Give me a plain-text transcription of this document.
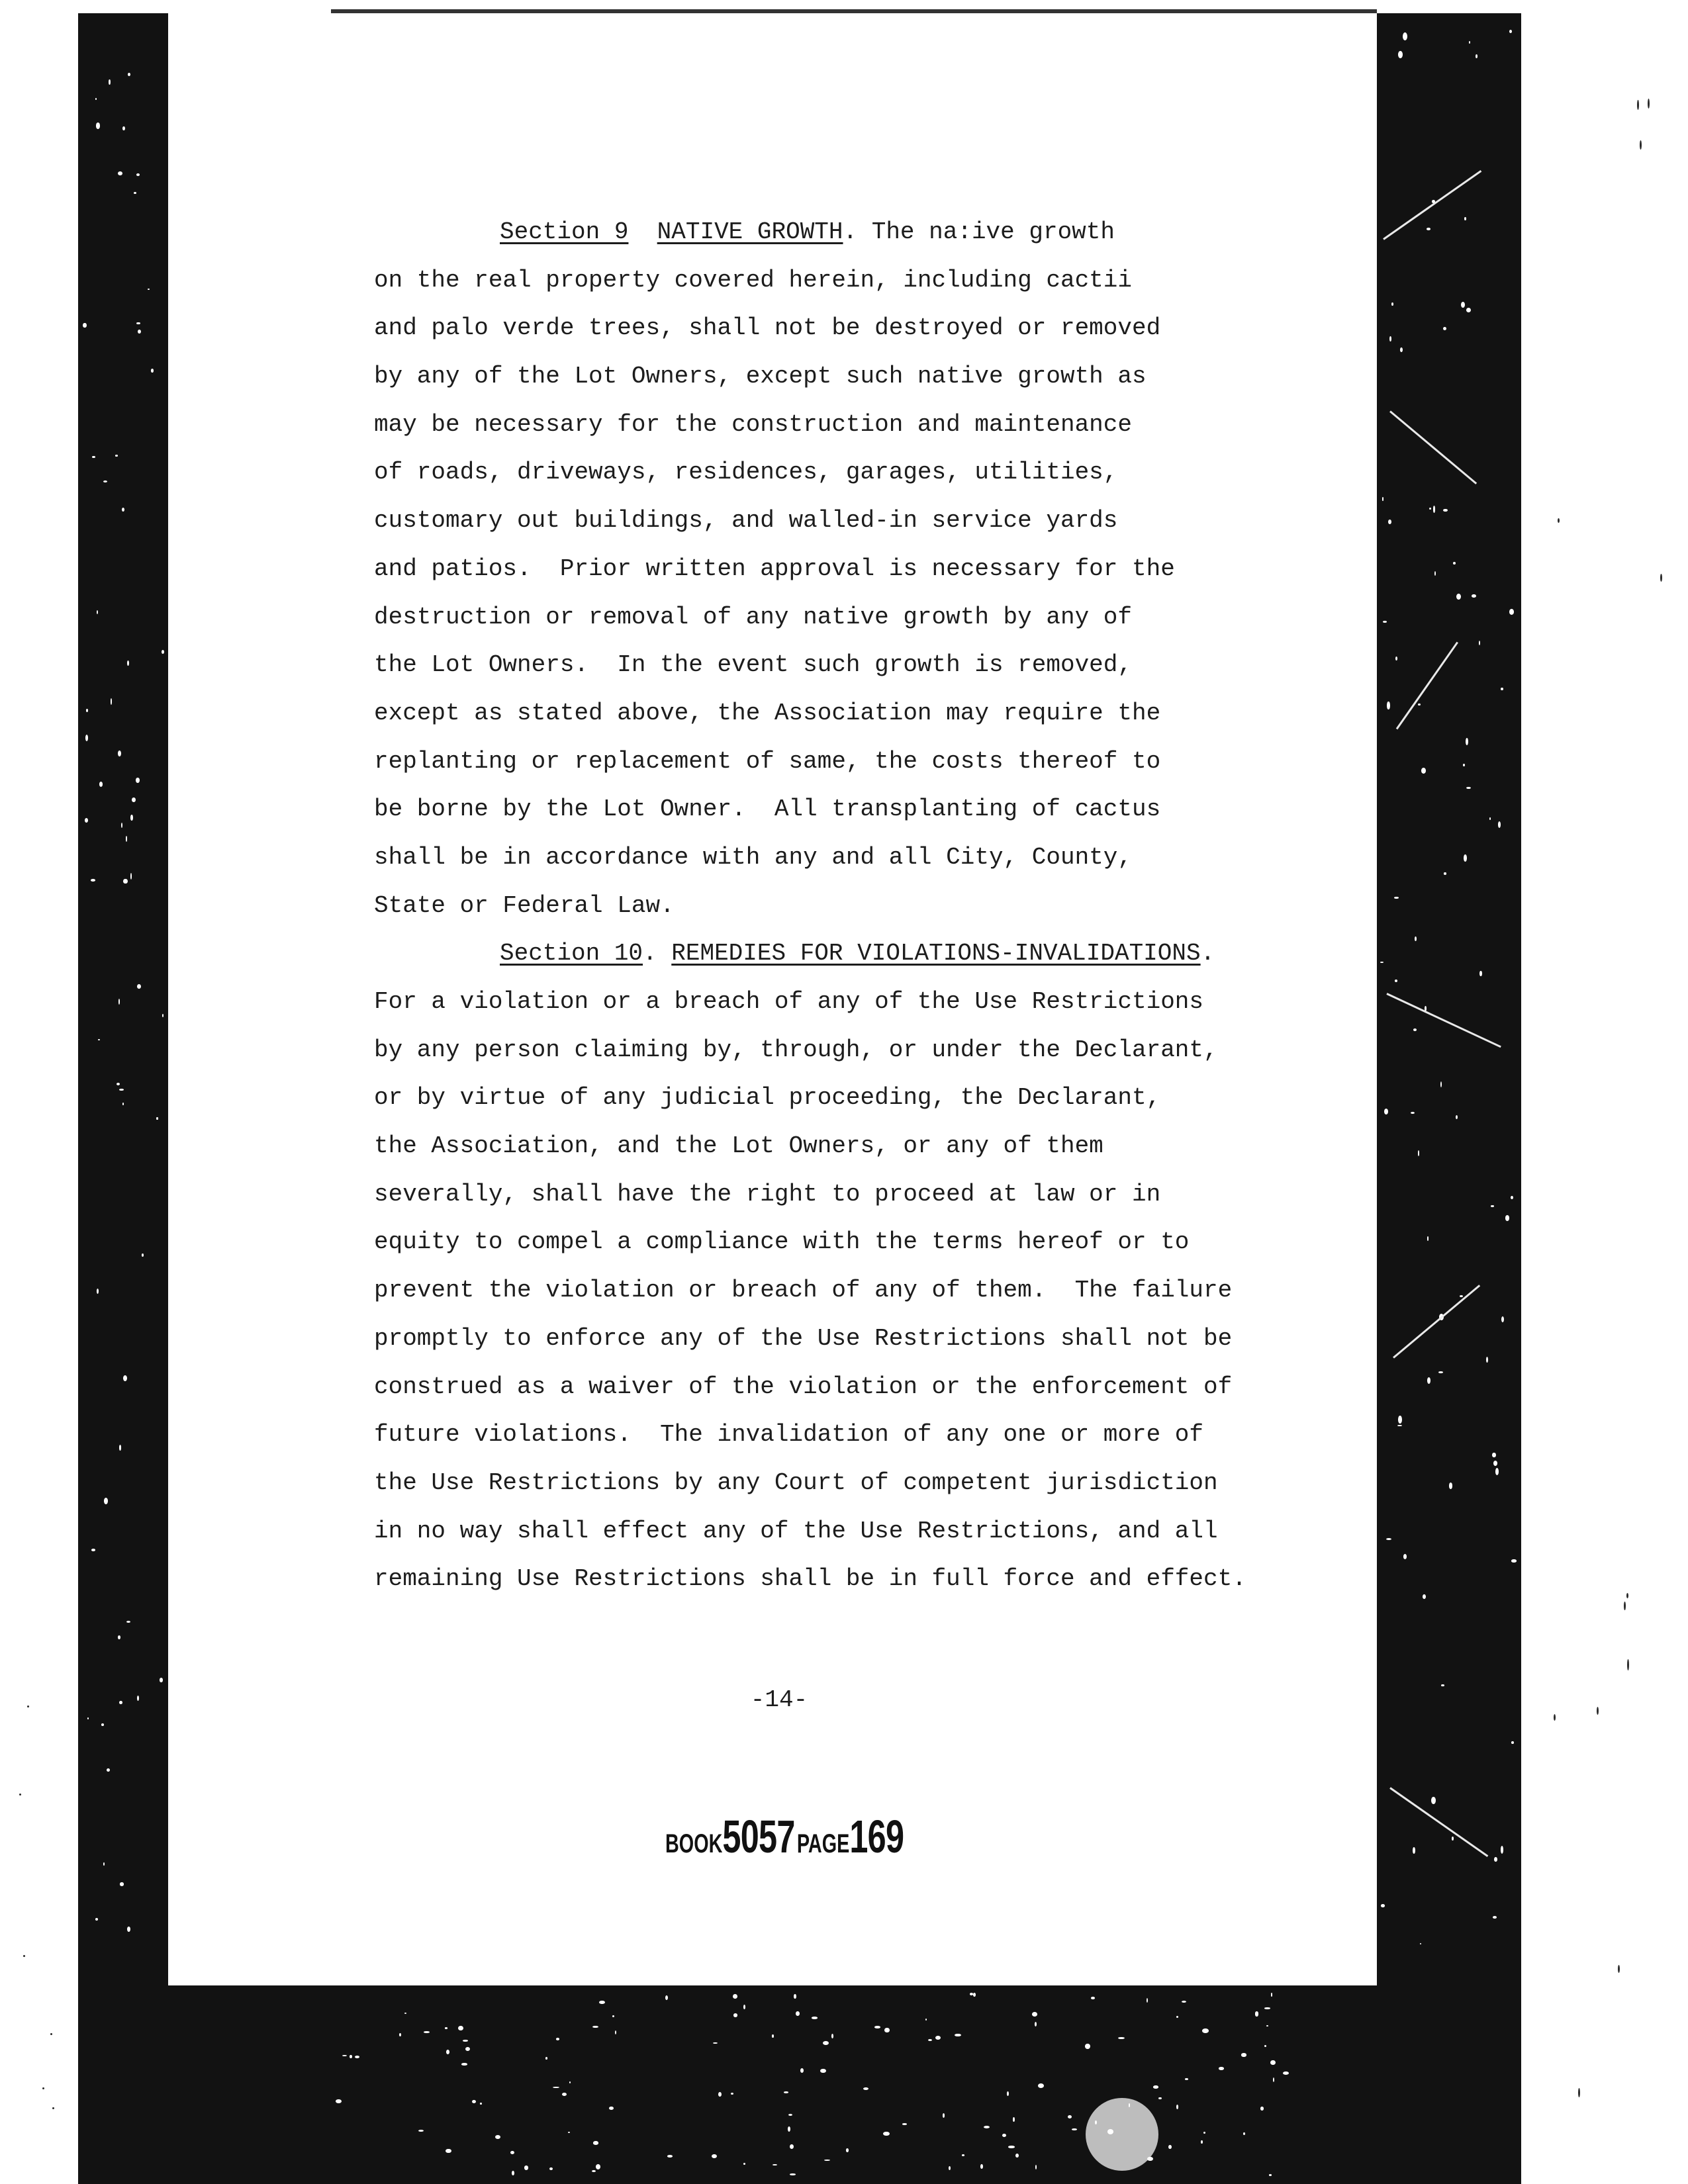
Section 9 NATIVE GROWTH. The na:ive growth
on the real property covered herein, including cactii
and palo verde trees, shall not be destroyed or removed
by any of the Lot Owners, except such native growth as
may be necessary for the construction and maintenance
of roads, driveways, residences, garages, utilities,
customary out buildings, and walled-in service yards
and patios.  Prior written approval is necessary for the
destruction or removal of any native growth by any of
the Lot Owners.  In the event such growth is removed,
except as stated above, the Association may require the
replanting or replacement of same, the costs thereof to
be borne by the Lot Owner.  All transplanting of cactus
shall be in accordance with any and all City, County,
State or Federal Law.
Section 10. REMEDIES FOR VIOLATIONS-INVALIDATIONS.
For a violation or a breach of any of the Use Restrictions
by any person claiming by, through, or under the Declarant,
or by virtue of any judicial proceeding, the Declarant,
the Association, and the Lot Owners, or any of them
severally, shall have the right to proceed at law or in
equity to compel a compliance with the terms hereof or to
prevent the violation or breach of any of them.  The failure
promptly to enforce any of the Use Restrictions shall not be
construed as a waiver of the violation or the enforcement of
future violations.  The invalidation of any one or more of
the Use Restrictions by any Court of competent jurisdiction
in no way shall effect any of the Use Restrictions, and all
remaining Use Restrictions shall be in full force and effect.
-14-
BOOK5057 PAGE169
